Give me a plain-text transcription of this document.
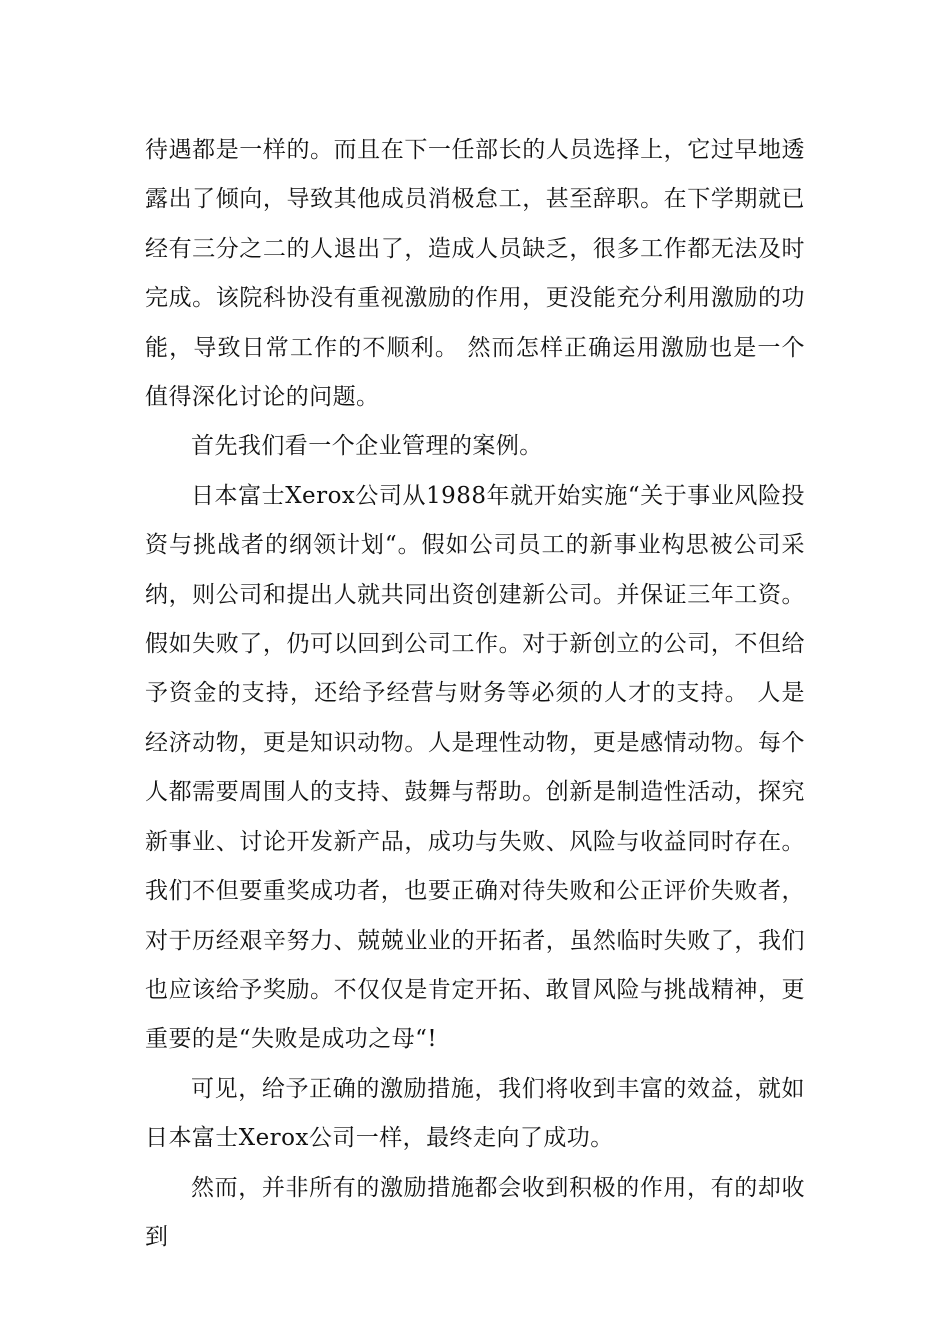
待遇都是一样的。而且在下一任部长的人员选择上，它过早地透露出了倾向，导致其他成员消极怠工，甚至辞职。在下学期就已经有三分之二的人退出了，造成人员缺乏，很多工作都无法及时完成。该院科协没有重视激励的作用，更没能充分利用激励的功能，导致日常工作的不顺利。 然而怎样正确运用激励也是一个值得深化讨论的问题。

首先我们看一个企业管理的案例。

日本富士Xerox公司从1988年就开始实施“关于事业风险投资与挑战者的纲领计划“。假如公司员工的新事业构思被公司采纳，则公司和提出人就共同出资创建新公司。并保证三年工资。假如失败了，仍可以回到公司工作。对于新创立的公司，不但给予资金的支持，还给予经营与财务等必须的人才的支持。 人是经济动物，更是知识动物。人是理性动物，更是感情动物。每个人都需要周围人的支持、鼓舞与帮助。创新是制造性活动，探究新事业、讨论开发新产品，成功与失败、风险与收益同时存在。我们不但要重奖成功者，也要正确对待失败和公正评价失败者，对于历经艰辛努力、兢兢业业的开拓者，虽然临时失败了，我们也应该给予奖励。不仅仅是肯定开拓、敢冒风险与挑战精神，更重要的是“失败是成功之母“!

可见，给予正确的激励措施，我们将收到丰富的效益，就如日本富士Xerox公司一样，最终走向了成功。

然而，并非所有的激励措施都会收到积极的作用，有的却收到
